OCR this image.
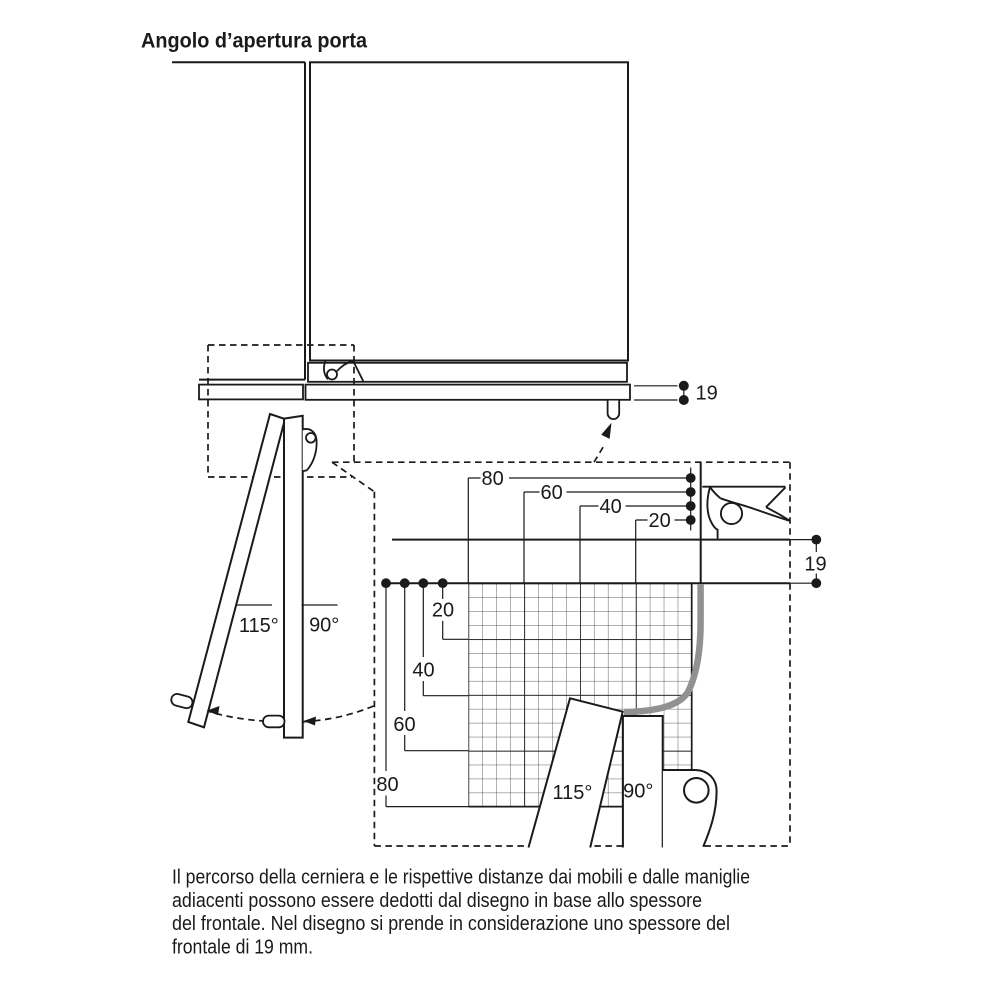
Angolo d’apertura porta
19
115° 90°
80
60
40
20
20
40
60
80
19
115° 90°
Il percorso della cerniera e le rispettive distanze dai mobili e dalle maniglie
adiacenti possono essere dedotti dal disegno in base allo spessore
del frontale. Nel disegno si prende in considerazione uno spessore del
frontale di 19 mm.
